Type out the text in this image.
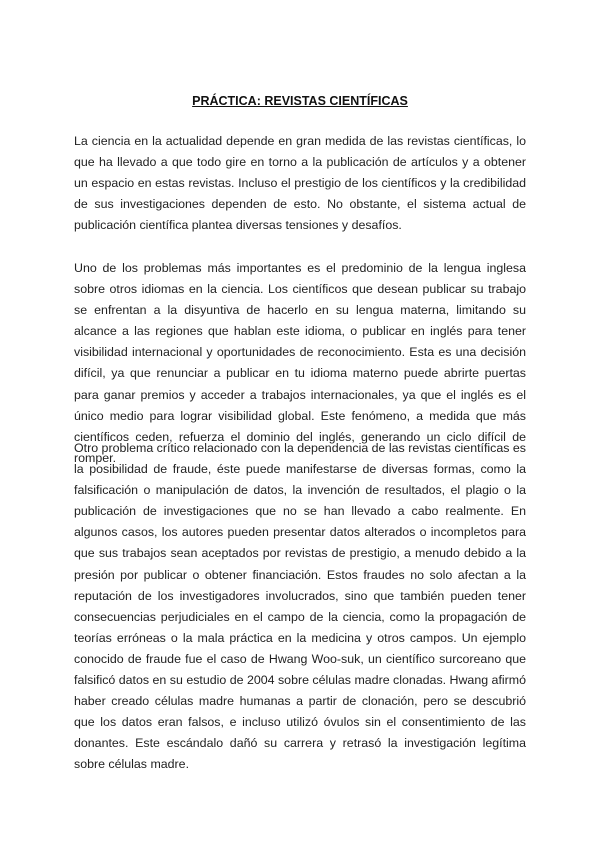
PRÁCTICA: REVISTAS CIENTÍFICAS

La ciencia en la actualidad depende en gran medida de las revistas científicas, lo que ha llevado a que todo gire en torno a la publicación de artículos y a obtener un espacio en estas revistas. Incluso el prestigio de los científicos y la credibilidad de sus investigaciones dependen de esto. No obstante, el sistema actual de publicación científica plantea diversas tensiones y desafíos.

Uno de los problemas más importantes es el predominio de la lengua inglesa sobre otros idiomas en la ciencia. Los científicos que desean publicar su trabajo se enfrentan a la disyuntiva de hacerlo en su lengua materna, limitando su alcance a las regiones que hablan este idioma, o publicar en inglés para tener visibilidad internacional y oportunidades de reconocimiento. Esta es una decisión difícil, ya que renunciar a publicar en tu idioma materno puede abrirte puertas para ganar premios y acceder a trabajos internacionales, ya que el inglés es el único medio para lograr visibilidad global. Este fenómeno, a medida que más científicos ceden, refuerza el dominio del inglés, generando un ciclo difícil de romper.

Otro problema crítico relacionado con la dependencia de las revistas científicas es la posibilidad de fraude, éste puede manifestarse de diversas formas, como la falsificación o manipulación de datos, la invención de resultados, el plagio o la publicación de investigaciones que no se han llevado a cabo realmente. En algunos casos, los autores pueden presentar datos alterados o incompletos para que sus trabajos sean aceptados por revistas de prestigio, a menudo debido a la presión por publicar o obtener financiación. Estos fraudes no solo afectan a la reputación de los investigadores involucrados, sino que también pueden tener consecuencias perjudiciales en el campo de la ciencia, como la propagación de teorías erróneas o la mala práctica en la medicina y otros campos. Un ejemplo conocido de fraude fue el caso de Hwang Woo-suk, un científico surcoreano que falsificó datos en su estudio de 2004 sobre células madre clonadas. Hwang afirmó haber creado células madre humanas a partir de clonación, pero se descubrió que los datos eran falsos, e incluso utilizó óvulos sin el consentimiento de las donantes. Este escándalo dañó su carrera y retrasó la investigación legítima sobre células madre.
